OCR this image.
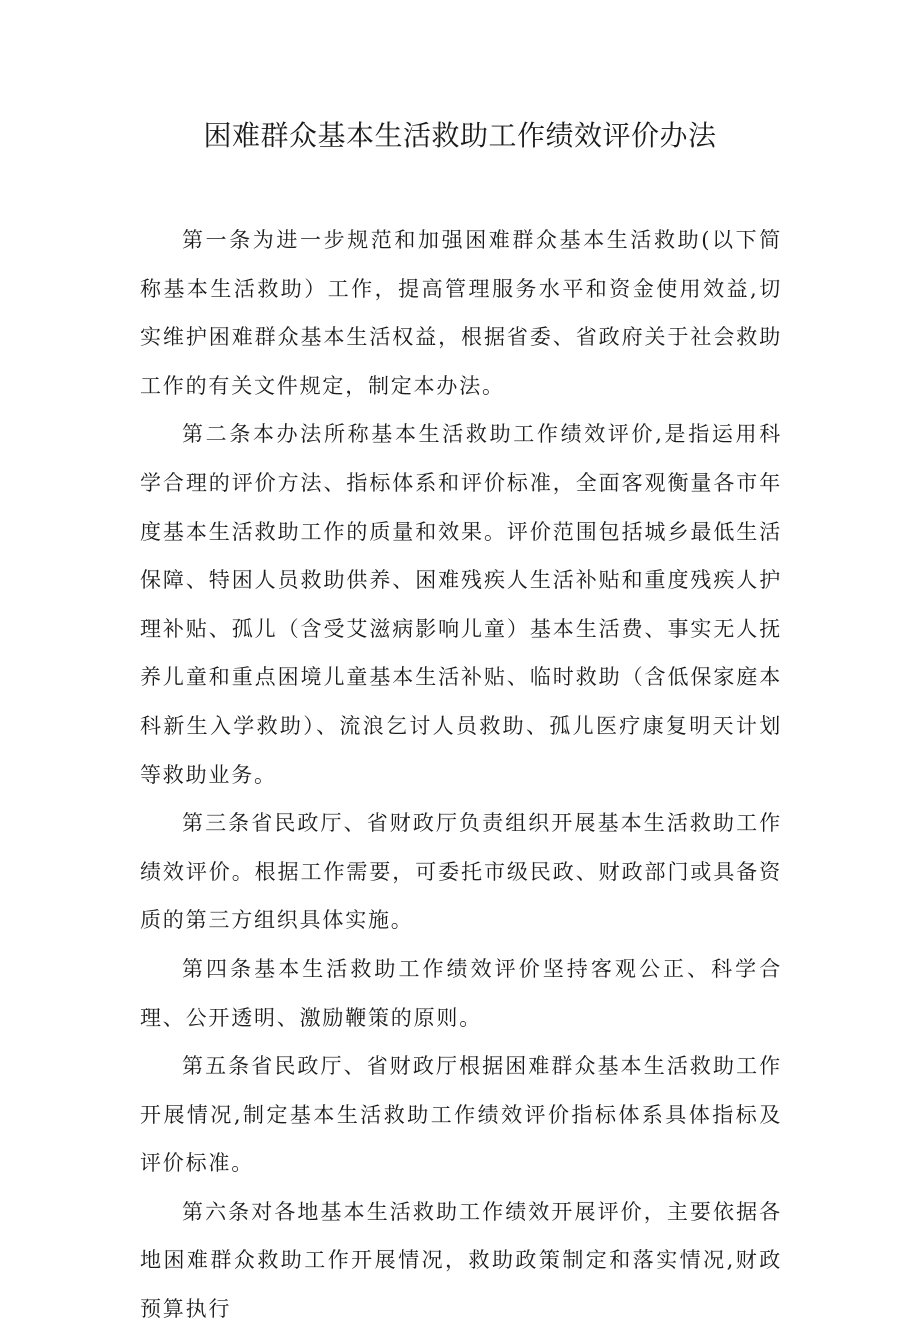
困难群众基本生活救助工作绩效评价办法

第一条为进一步规范和加强困难群众基本生活救助(以下简称基本生活救助）工作，提高管理服务水平和资金使用效益,切实维护困难群众基本生活权益，根据省委、省政府关于社会救助工作的有关文件规定，制定本办法。

第二条本办法所称基本生活救助工作绩效评价,是指运用科学合理的评价方法、指标体系和评价标准，全面客观衡量各市年度基本生活救助工作的质量和效果。评价范围包括城乡最低生活保障、特困人员救助供养、困难残疾人生活补贴和重度残疾人护理补贴、孤儿（含受艾滋病影响儿童）基本生活费、事实无人抚养儿童和重点困境儿童基本生活补贴、临时救助（含低保家庭本科新生入学救助）、流浪乞讨人员救助、孤儿医疗康复明天计划等救助业务。

第三条省民政厅、省财政厅负责组织开展基本生活救助工作绩效评价。根据工作需要，可委托市级民政、财政部门或具备资质的第三方组织具体实施。

第四条基本生活救助工作绩效评价坚持客观公正、科学合理、公开透明、激励鞭策的原则。

第五条省民政厅、省财政厅根据困难群众基本生活救助工作开展情况,制定基本生活救助工作绩效评价指标体系具体指标及评价标准。

第六条对各地基本生活救助工作绩效开展评价，主要依据各地困难群众救助工作开展情况，救助政策制定和落实情况,财政预算执行
